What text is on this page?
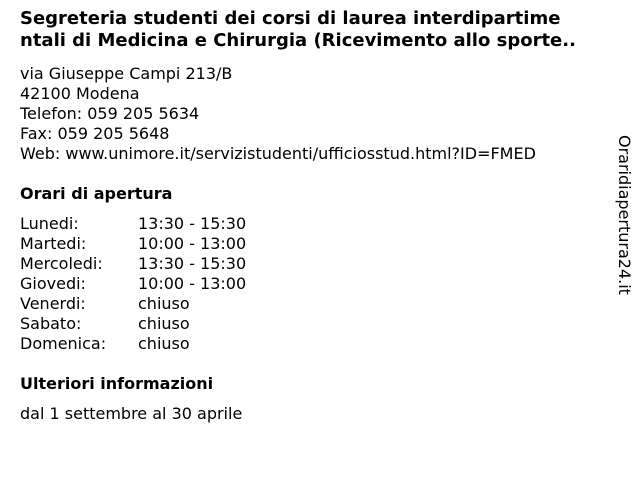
Segreteria studenti dei corsi di laurea interdipartime
ntali di Medicina e Chirurgia (Ricevimento allo sporte..
via Giuseppe Campi 213/B
42100 Modena
Telefon: 059 205 5634
Fax: 059 205 5648
Web: www.unimore.it/servizistudenti/ufficiosstud.html?ID=FMED
Orari di apertura
Lunedi:	13:30 - 15:30
Martedi:	10:00 - 13:00
Mercoledi: 13:30 - 15:30
Giovedi:	10:00 - 13:00
Venerdi:	chiuso
Sabato:	chiuso
Domenica: chiuso
Ulteriori informazioni
dal 1 settembre al 30 aprile
Oraridiapertura24.it
